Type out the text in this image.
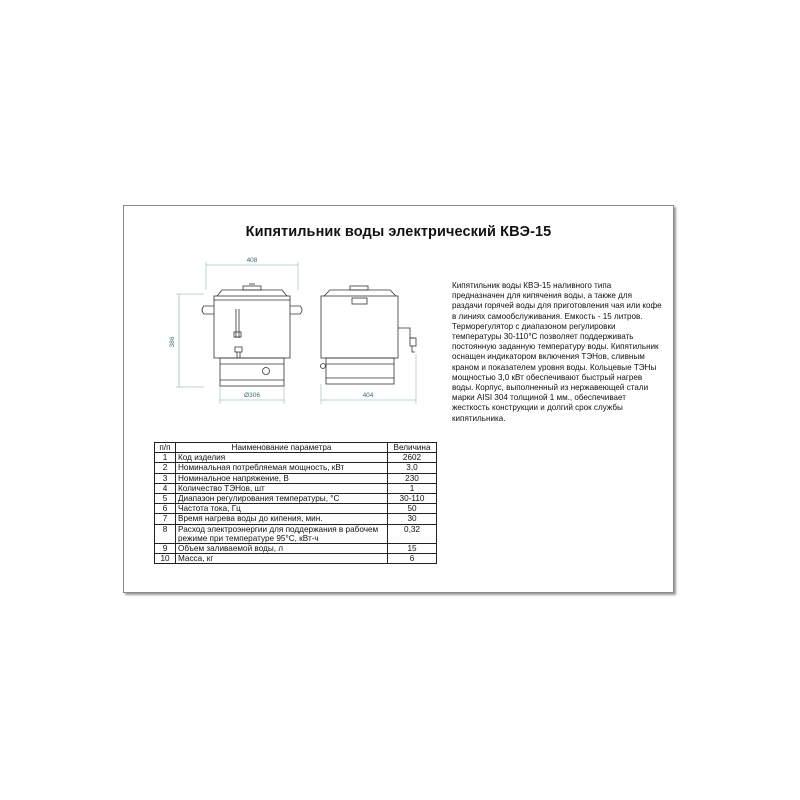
Кипятильник воды электрический КВЭ-15
408
386
Ø306	404

Кипятильник воды КВЭ-15 наливного типа предназначен для кипячения воды, а также для раздачи горячей воды для приготовления чая или кофе в линиях самообслуживания. Емкость - 15 литров. Терморегулятор с диапазоном регулировки температуры 30-110°С позволяет поддерживать постоянную заданную температуру воды. Кипятильник оснащен индикатором включения ТЭНов, сливным краном и показателем уровня воды. Кольцевые ТЭНы мощностью 3,0 кВт обеспечивают быстрый нагрев воды. Корпус, выполненный из нержавеющей стали марки AISI 304 толщиной 1 мм., обеспечивает жесткость конструкции и долгий срок службы кипятильника.

п/п	Наименование параметра	Величина
1	Код изделия	2602
2	Номинальная потребляемая мощность, кВт	3,0
3	Номинальное напряжение, В	230
4	Количество ТЭНов, шт	1
5	Диапазон регулирования температуры, °С	30-110
6	Частота тока, Гц	50
7	Время нагрева воды до кипения, мин.	30
8	Расход электроэнергии для поддержания в рабочем режиме при температуре 95°С, кВт-ч	0,32
9	Объем заливаемой воды, л	15
10	Масса, кг	6
